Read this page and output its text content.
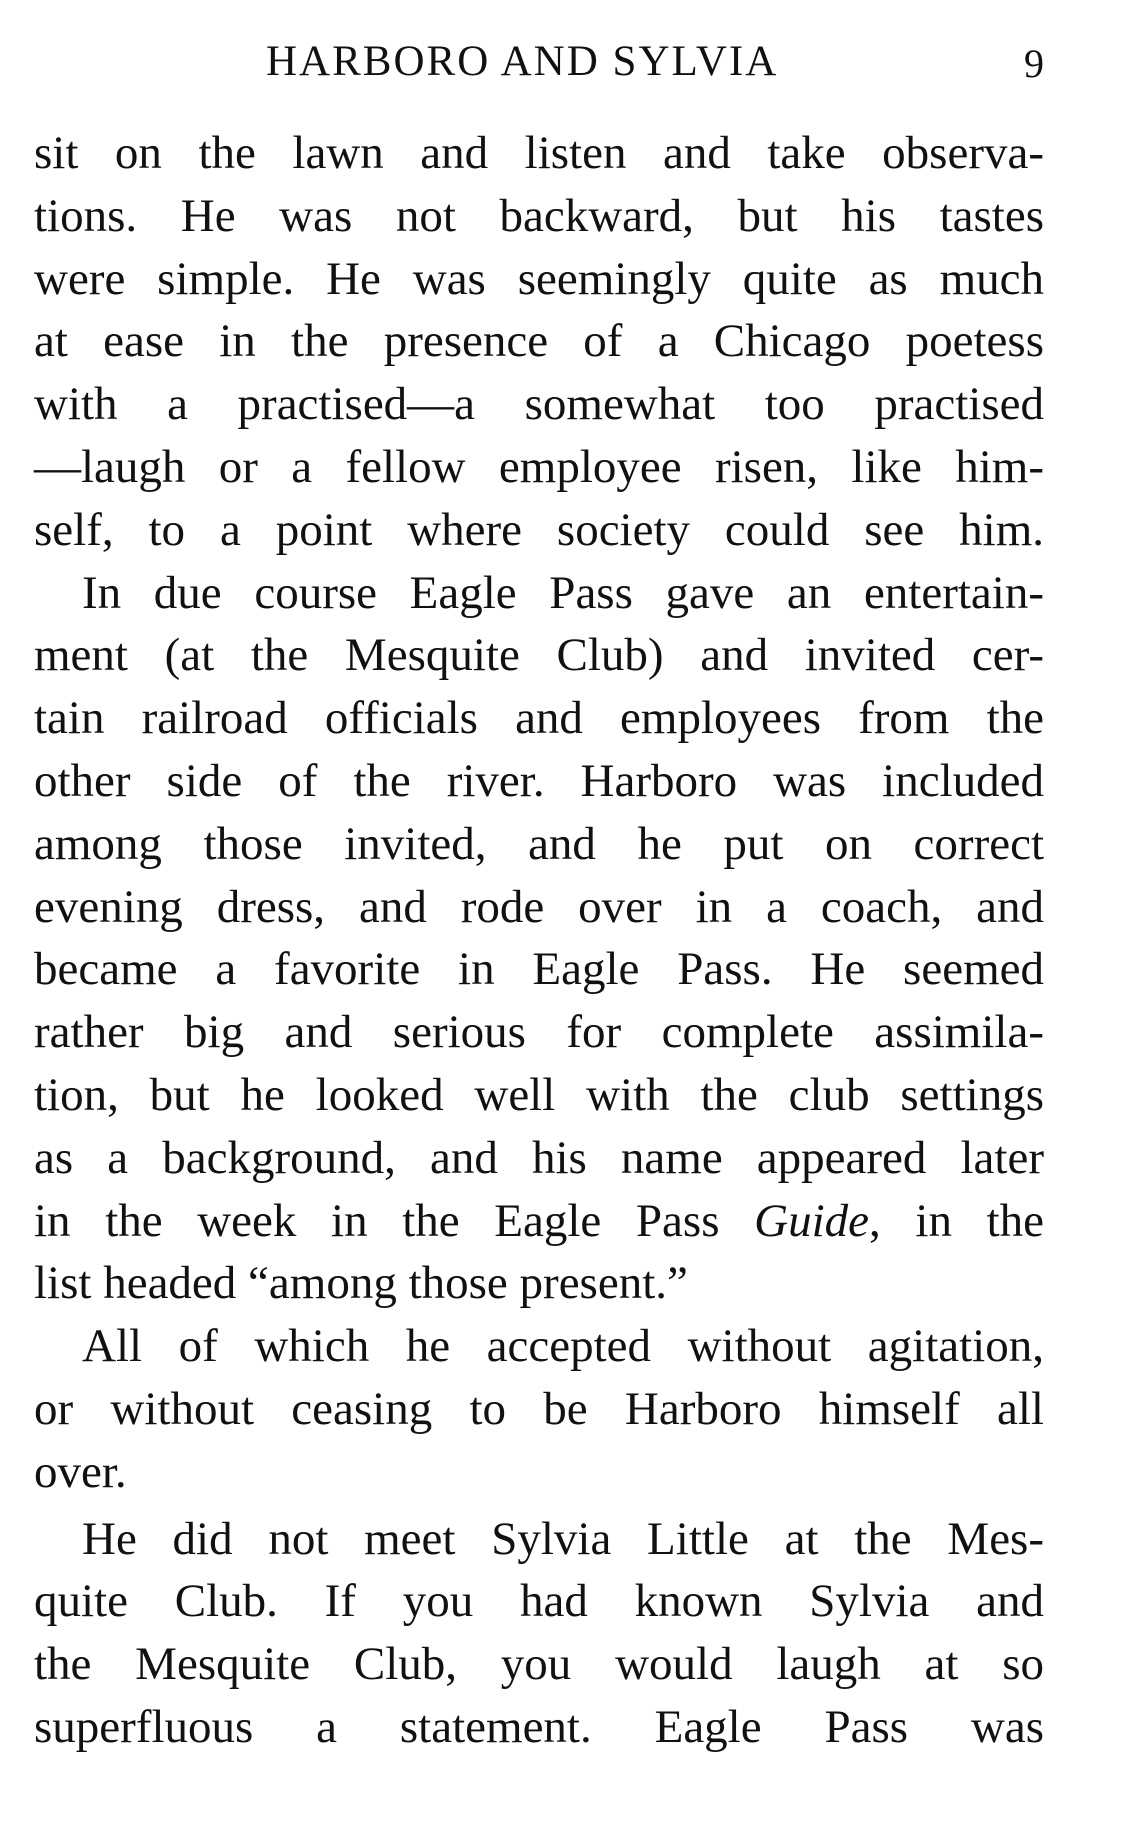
HARBORO AND SYLVIA	9
sit on the lawn and listen and take observa-
tions. He was not backward, but his tastes
were simple. He was seemingly quite as much
at ease in the presence of a Chicago poetess
with a practised—a somewhat too practised
—laugh or a fellow employee risen, like him-
self, to a point where society could see him.
In due course Eagle Pass gave an entertain-
ment (at the Mesquite Club) and invited cer-
tain railroad officials and employees from the
other side of the river. Harboro was included
among those invited, and he put on correct
evening dress, and rode over in a coach, and
became a favorite in Eagle Pass. He seemed
rather big and serious for complete assimila-
tion, but he looked well with the club settings
as a background, and his name appeared later
in the week in the Eagle Pass Guide, in the
list headed “among those present.”
All of which he accepted without agitation,
or without ceasing to be Harboro himself all
over.
He did not meet Sylvia Little at the Mes-
quite Club. If you had known Sylvia and
the Mesquite Club, you would laugh at so
superfluous a statement. Eagle Pass was
